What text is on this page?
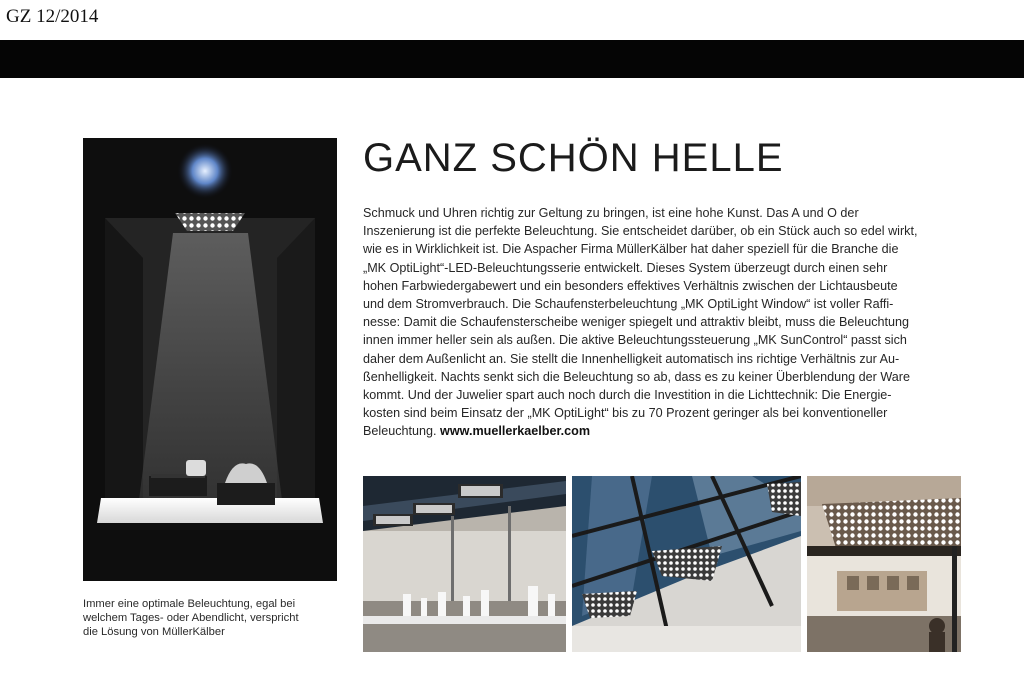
GZ 12/2014
Immer eine optimale Beleuchtung, egal bei
welchem Tages- oder Abendlicht, verspricht
die Lösung von MüllerKälber
GANZ SCHÖN HELLE
Schmuck und Uhren richtig zur Geltung zu bringen, ist eine hohe Kunst. Das A und O der
Inszenierung ist die perfekte Beleuchtung. Sie entscheidet darüber, ob ein Stück auch so edel wirkt,
wie es in Wirklichkeit ist. Die Aspacher Firma MüllerKälber hat daher speziell für die Branche die
„MK OptiLight“-LED-Beleuchtungsserie entwickelt. Dieses System überzeugt durch einen sehr
hohen Farbwiedergabewert und ein besonders effektives Verhältnis zwischen der Lichtausbeute
und dem Stromverbrauch. Die Schaufensterbeleuchtung „MK OptiLight Window“ ist voller Raffi-
nesse: Damit die Schaufensterscheibe weniger spiegelt und attraktiv bleibt, muss die Beleuchtung
innen immer heller sein als außen. Die aktive Beleuchtungssteuerung „MK SunControl“ passt sich
daher dem Außenlicht an. Sie stellt die Innenhelligkeit automatisch ins richtige Verhältnis zur Au-
ßenhelligkeit. Nachts senkt sich die Beleuchtung so ab, dass es zu keiner Überblendung der Ware
kommt. Und der Juwelier spart auch noch durch die Investition in die Lichttechnik: Die Energie-
kosten sind beim Einsatz der „MK OptiLight“ bis zu 70 Prozent geringer als bei konventioneller
Beleuchtung. www.muellerkaelber.com
